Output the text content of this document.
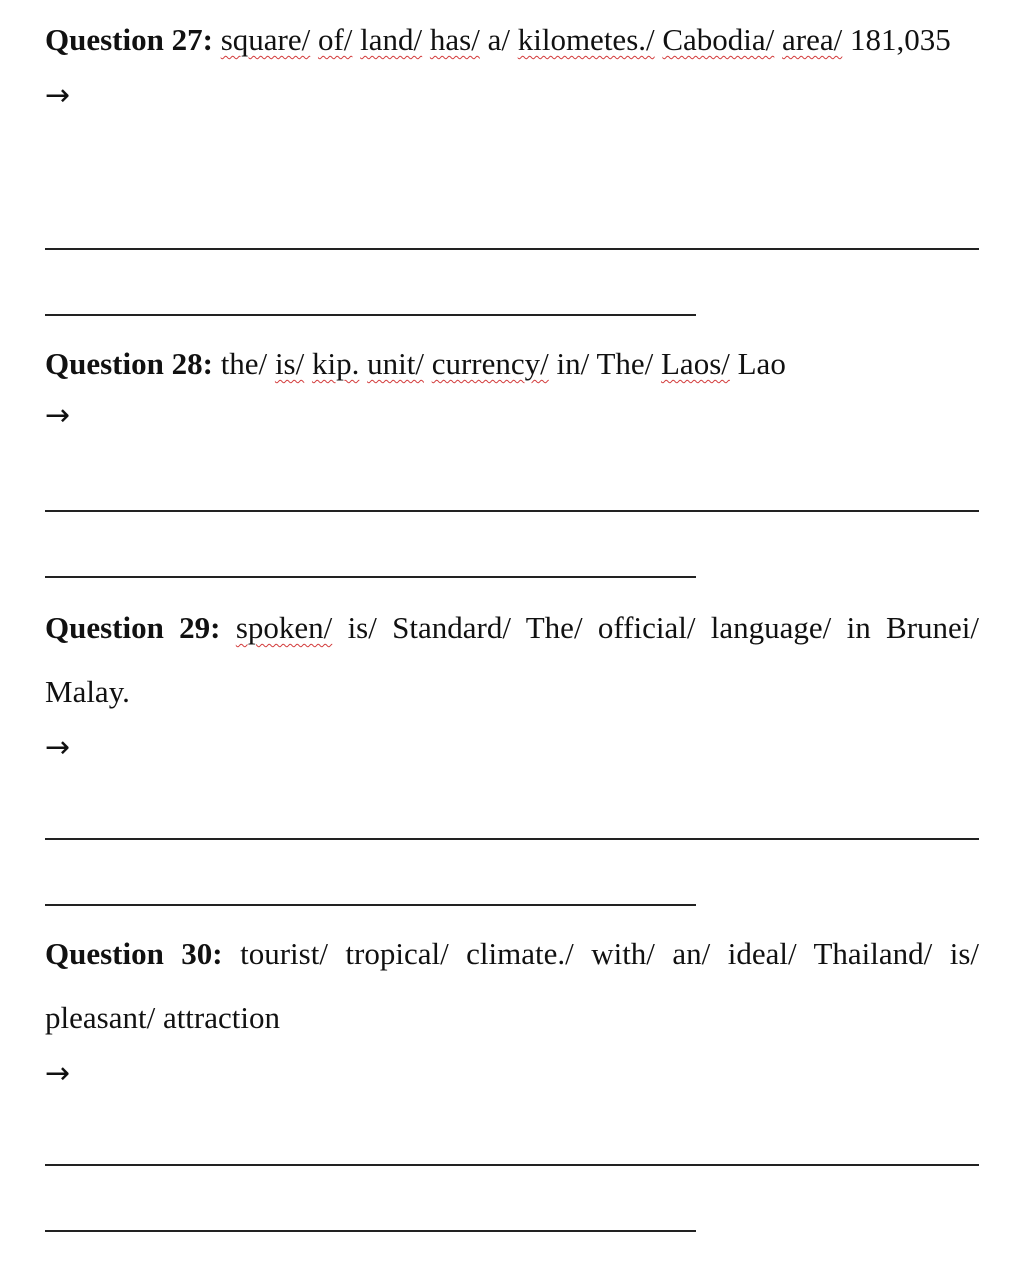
Question 27: square/ of/ land/ has/ a/ kilometes./ Cabodia/ area/ 181,035

→

Question 28: the/ is/ kip. unit/ currency/ in/ The/ Laos/ Lao

→

Question 29: spoken/ is/ Standard/ The/ official/ language/ in Brunei/ Malay.

→

Question 30: tourist/ tropical/ climate./ with/ an/ ideal/ Thailand/ is/ pleasant/ attraction

→
